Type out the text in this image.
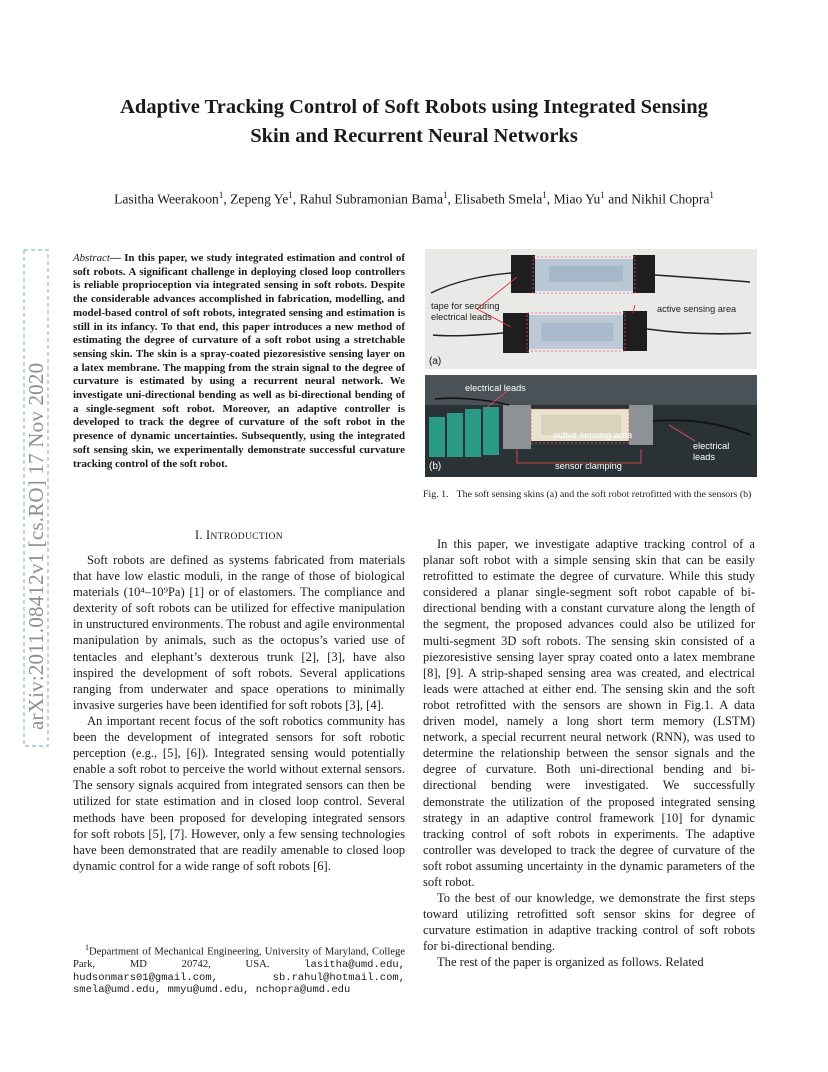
Adaptive Tracking Control of Soft Robots using Integrated Sensing
Skin and Recurrent Neural Networks
Lasitha Weerakoon$^1$, Zepeng Ye$^1$, Rahul Subramonian Bama$^1$, Elisabeth Smela$^1$, Miao Yu$^1$ and Nikhil Chopra$^1$
arXiv:2011.08412v1 [cs.RO] 17 Nov 2020
Abstract— In this paper, we study integrated estimation and control of soft robots. A significant challenge in deploying closed loop controllers is reliable proprioception via integrated sensing in soft robots. Despite the considerable advances accomplished in fabrication, modelling, and model-based control of soft robots, integrated sensing and estimation is still in its infancy. To that end, this paper introduces a new method of estimating the degree of curvature of a soft robot using a stretchable sensing skin. The skin is a spray-coated piezoresistive sensing layer on a latex membrane. The mapping from the strain signal to the degree of curvature is estimated by using a recurrent neural network. We investigate uni-directional bending as well as bi-directional bending of a single-segment soft robot. Moreover, an adaptive controller is developed to track the degree of curvature of the soft robot in the presence of dynamic uncertainties. Subsequently, using the integrated soft sensing skin, we experimentally demonstrate successful curvature tracking control of the soft robot.
I. INTRODUCTION

Soft robots are defined as systems fabricated from materials that have low elastic moduli, in the range of those of biological materials (10⁴–10⁹Pa) [1] or of elastomers. The compliance and dexterity of soft robots can be utilized for effective manipulation in unstructured environments. The robust and agile environmental manipulation by animals, such as the octopus’s varied use of tentacles and elephant’s dexterous trunk [2], [3], have also inspired the development of soft robots. Several applications ranging from underwater and space operations to minimally invasive surgeries have been identified for soft robots [3], [4].

An important recent focus of the soft robotics community has been the development of integrated sensors for soft robotic perception (e.g., [5], [6]). Integrated sensing would potentially enable a soft robot to perceive the world without external sensors. The sensory signals acquired from integrated sensors can then be utilized for state estimation and in closed loop control. Several methods have been proposed for developing integrated sensors for soft robots [5], [7]. However, only a few sensing technologies have been demonstrated that are readily amenable to closed loop dynamic control for a wide range of soft robots [6].

$^1$Department of Mechanical Engineering, University of Maryland, College Park, MD 20742, USA.	lasitha@umd.edu, hudsonmars01@gmail.com, sb.rahul@hotmail.com, smela@umd.edu, mmyu@umd.edu, nchopra@umd.edu
tape for securing
electrical leads
active sensing area
(a)
electrical leads
active sensing area
electrical
leads
sensor clamping
(b)
Fig. 1. The soft sensing skins (a) and the soft robot retrofitted with the sensors (b)

In this paper, we investigate adaptive tracking control of a planar soft robot with a simple sensing skin that can be easily retrofitted to estimate the degree of curvature. While this study considered a planar single-segment soft robot capable of bi-directional bending with a constant curvature along the length of the segment, the proposed advances could also be utilized for multi-segment 3D soft robots. The sensing skin consisted of a piezoresistive sensing layer spray coated onto a latex membrane [8], [9]. A strip-shaped sensing area was created, and electrical leads were attached at either end. The sensing skin and the soft robot retrofitted with the sensors are shown in Fig.1. A data driven model, namely a long short term memory (LSTM) network, a special recurrent neural network (RNN), was used to determine the relationship between the sensor signals and the degree of curvature. Both uni-directional bending and bi-directional bending were investigated. We successfully demonstrate the utilization of the proposed integrated sensing strategy in an adaptive control framework [10] for dynamic tracking control of soft robots in experiments. The adaptive controller was developed to track the degree of curvature of the soft robot assuming uncertainty in the dynamic parameters of the soft robot.

To the best of our knowledge, we demonstrate the first steps toward utilizing retrofitted soft sensor skins for degree of curvature estimation in adaptive tracking control of soft robots for bi-directional bending.

The rest of the paper is organized as follows. Related
